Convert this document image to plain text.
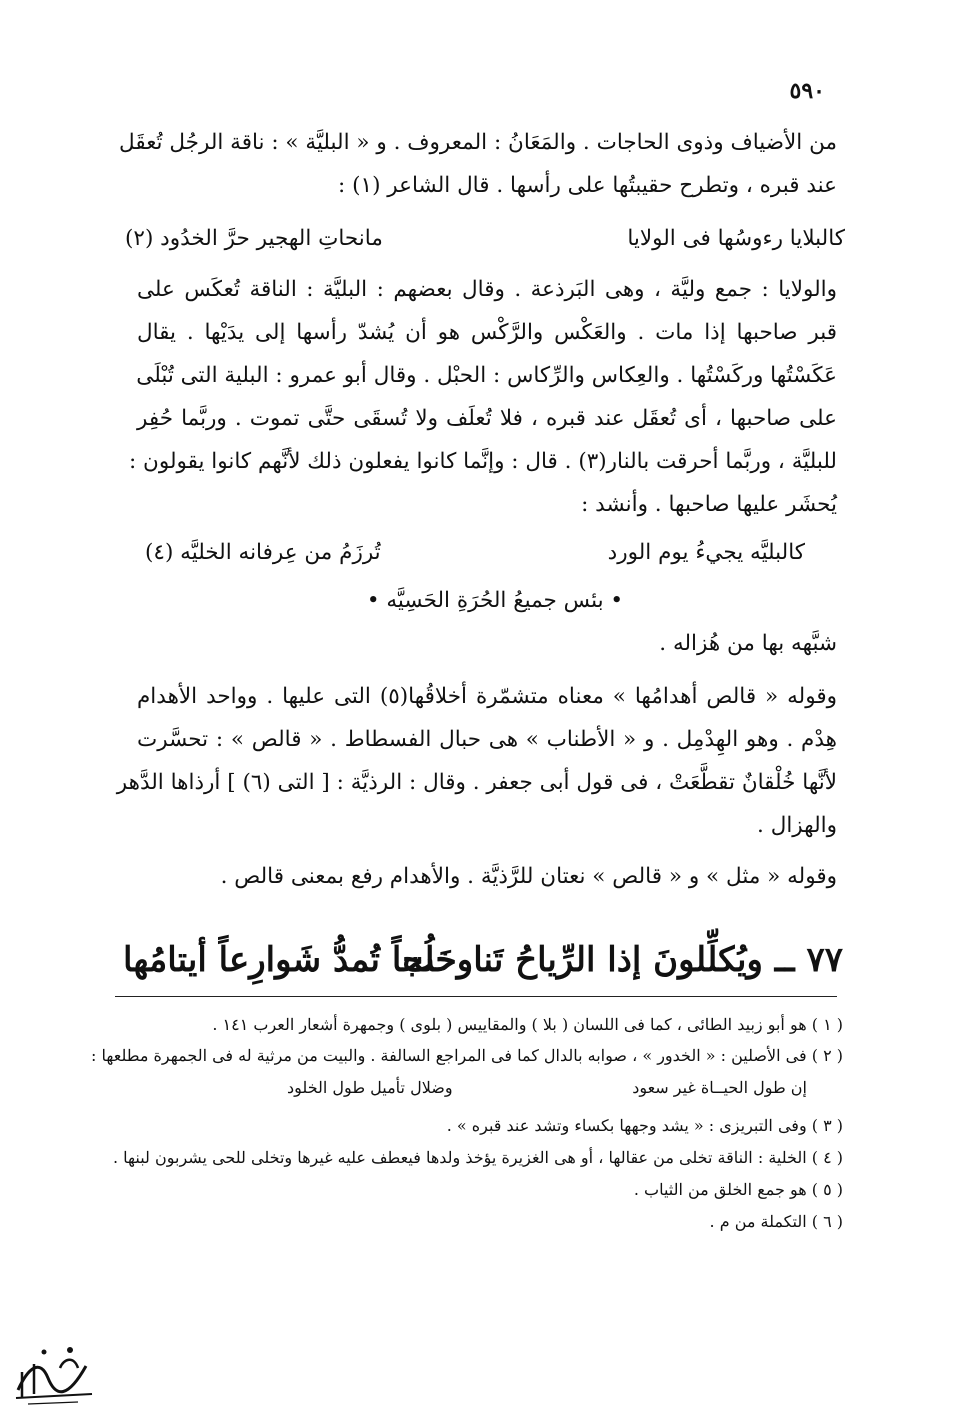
٥٩٠
من الأضياف وذوى الحاجات . والمَعَانُ : المعروف . و « البليَّة » : ناقة الرجُل تُعقَل
عند قبره ، وتطرح حقيبتُها على رأسها . قال الشاعر (١) :
كالبلايا رءوسُها فى الولايا
مانحاتِ الهجير حرَّ الخدُود (٢)
والولايا : جمع وليَّة ، وهى البَرذعة . وقال بعضهم : البليَّة : الناقة تُعكَس على
قبر صاحبها إذا مات . والعَكْس والرَّكْس هو أن يُشدّ رأسها إلى يدَيْها . يقال
عَكَسْتُها وركَسْتُها . والعِكاس والرِّكاس : الحبْل . وقال أبو عمرو : البلية التى تُبْلَى
على صاحبها ، أى تُعقَل عند قبره ، فلا تُعلَف ولا تُسقَى حتَّى تموت . وربَّما حُفِر
للبليَّة ، وربَّما أحرقت بالنار(٣) . قال : وإنَّما كانوا يفعلون ذلك لأنَّهم كانوا يقولون :
يُحشَر عليها صاحبها . وأنشد :
كالبليَّه يجيءُ يوم الورد
تُرزَمُ من عِرفانه الخليَّه (٤)
• بئس جميعُ الحُرَةِ الحَسِيَّه •
شبَّهه بها من هُزاله .
وقوله « قالص أهدامُها » معناه متشمّرة أخلاقُها(٥) التى عليها . وواحد الأهدام
هِدْم . وهو الهِدْمِل . و « الأطناب » هى حبال الفسطاط . « قالص » : تحسَّرت
لأنَّها خُلْقانٌ تقطَّعَتْ ، فى قول أبى جعفر . وقال : الرذيَّة : [ التى (٦) ] أرذاها الدَّهر
والهزال .
وقوله « مثل » و « قالص » نعتان للرَّذيَّة . والأهدام رفع بمعنى قالص .
٧٧ ــ ويُكلِّلونَ إذا الرِّياحُ تَناوحَت
خلُجاً تُمدُّ شَوارِعاً أيتامُها
( ١ ) هو أبو زبيد الطائى ، كما فى اللسان ( بلا ) والمقاييس ( بلوى ) وجمهرة أشعار العرب ١٤١ .
( ٢ ) فى الأصلين : « الخدور » ، صوابه بالدال كما فى المراجع السالفة . والبيت من مرثية له فى الجمهرة مطلعها :
إن طول الحيــاة غير سعود
وضلال تأميل طول الخلود
( ٣ ) وفى التبريزى : « يشد وجهها بكساء وتشد عند قبره » .
( ٤ ) الخلية : الناقة تخلى من عقالها ، أو هى الغزيرة يؤخذ ولدها فيعطف عليه غيرها وتخلى للحى يشربون لبنها .
( ٥ ) هو جمع الخلق من الثياب .
( ٦ ) التكملة من م .
